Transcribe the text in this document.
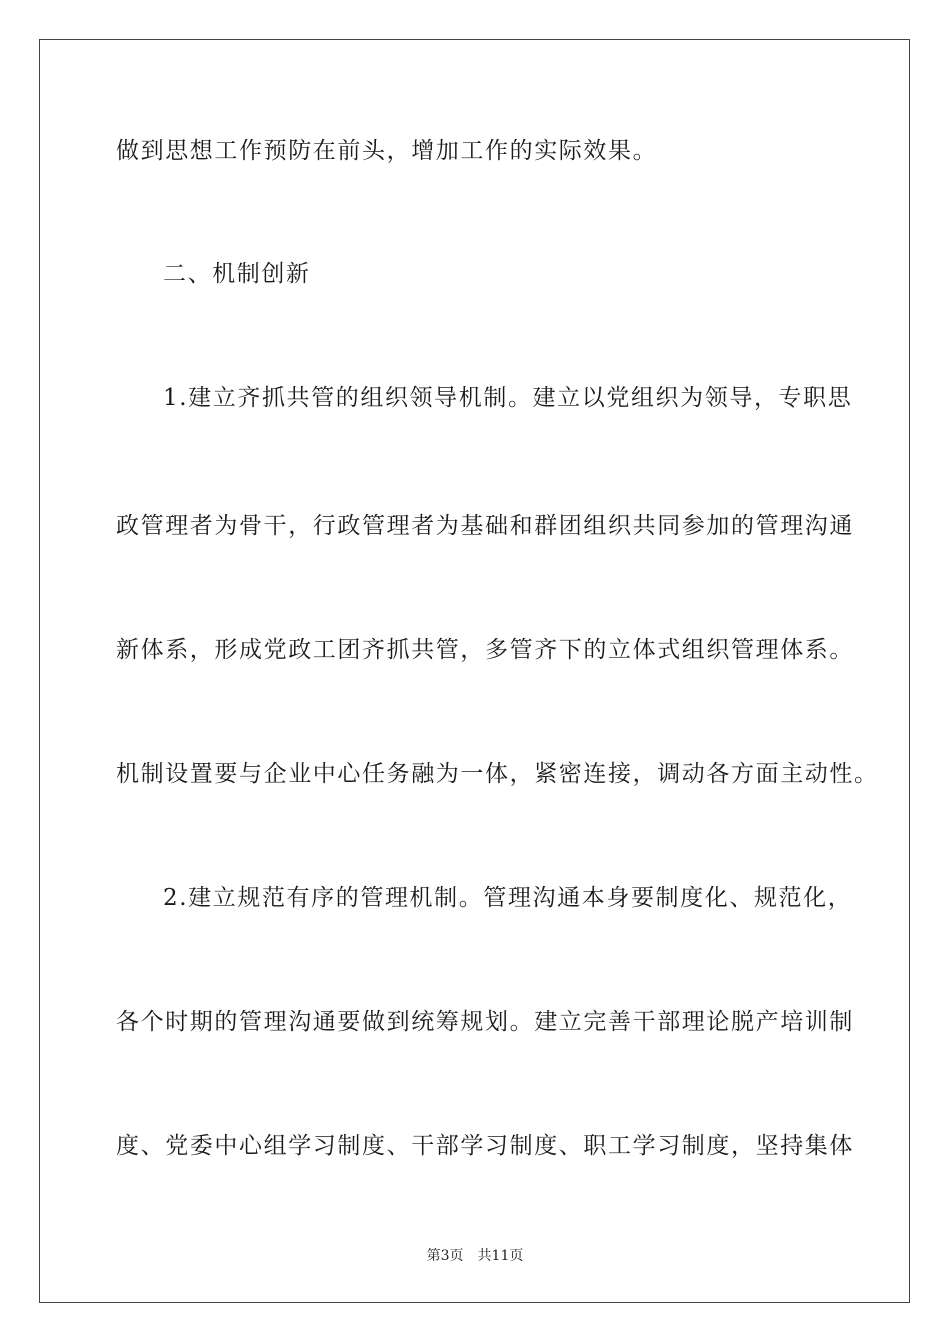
做到思想工作预防在前头，增加工作的实际效果。
二、机制创新
1.建立齐抓共管的组织领导机制。建立以党组织为领导，专职思
政管理者为骨干，行政管理者为基础和群团组织共同参加的管理沟通
新体系，形成党政工团齐抓共管，多管齐下的立体式组织管理体系。
机制设置要与企业中心任务融为一体，紧密连接，调动各方面主动性。
2.建立规范有序的管理机制。管理沟通本身要制度化、规范化，
各个时期的管理沟通要做到统筹规划。建立完善干部理论脱产培训制
度、党委中心组学习制度、干部学习制度、职工学习制度，坚持集体
第3页 共11页
